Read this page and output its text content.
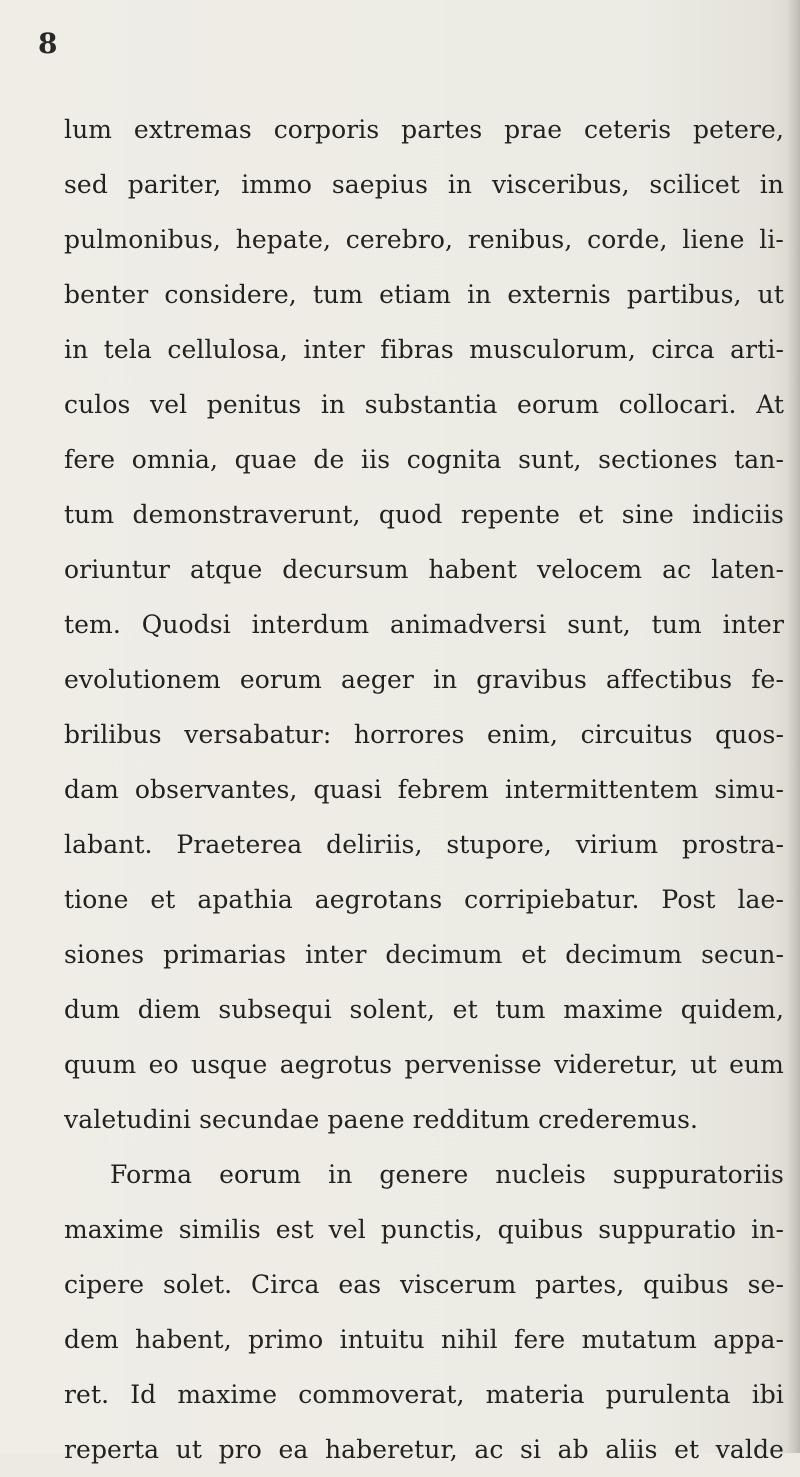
8
lum extremas corporis partes prae ceteris petere,
sed pariter, immo saepius in visceribus, scilicet in
pulmonibus, hepate, cerebro, renibus, corde, liene li-
benter considere, tum etiam in externis partibus, ut
in tela cellulosa, inter fibras musculorum, circa arti-
culos vel penitus in substantia eorum collocari. At
fere omnia, quae de iis cognita sunt, sectiones tan-
tum demonstraverunt, quod repente et sine indiciis
oriuntur atque decursum habent velocem ac laten-
tem. Quodsi interdum animadversi sunt, tum inter
evolutionem eorum aeger in gravibus affectibus fe-
brilibus versabatur: horrores enim, circuitus quos-
dam observantes, quasi febrem intermittentem simu-
labant. Praeterea deliriis, stupore, virium prostra-
tione et apathia aegrotans corripiebatur. Post lae-
siones primarias inter decimum et decimum secun-
dum diem subsequi solent, et tum maxime quidem,
quum eo usque aegrotus pervenisse videretur, ut eum
valetudini secundae paene redditum crederemus.
Forma eorum in genere nucleis suppuratoriis
maxime similis est vel punctis, quibus suppuratio in-
cipere solet. Circa eas viscerum partes, quibus se-
dem habent, primo intuitu nihil fere mutatum appa-
ret. Id maxime commoverat, materia purulenta ibi
reperta ut pro ea haberetur, ac si ab aliis et valde
